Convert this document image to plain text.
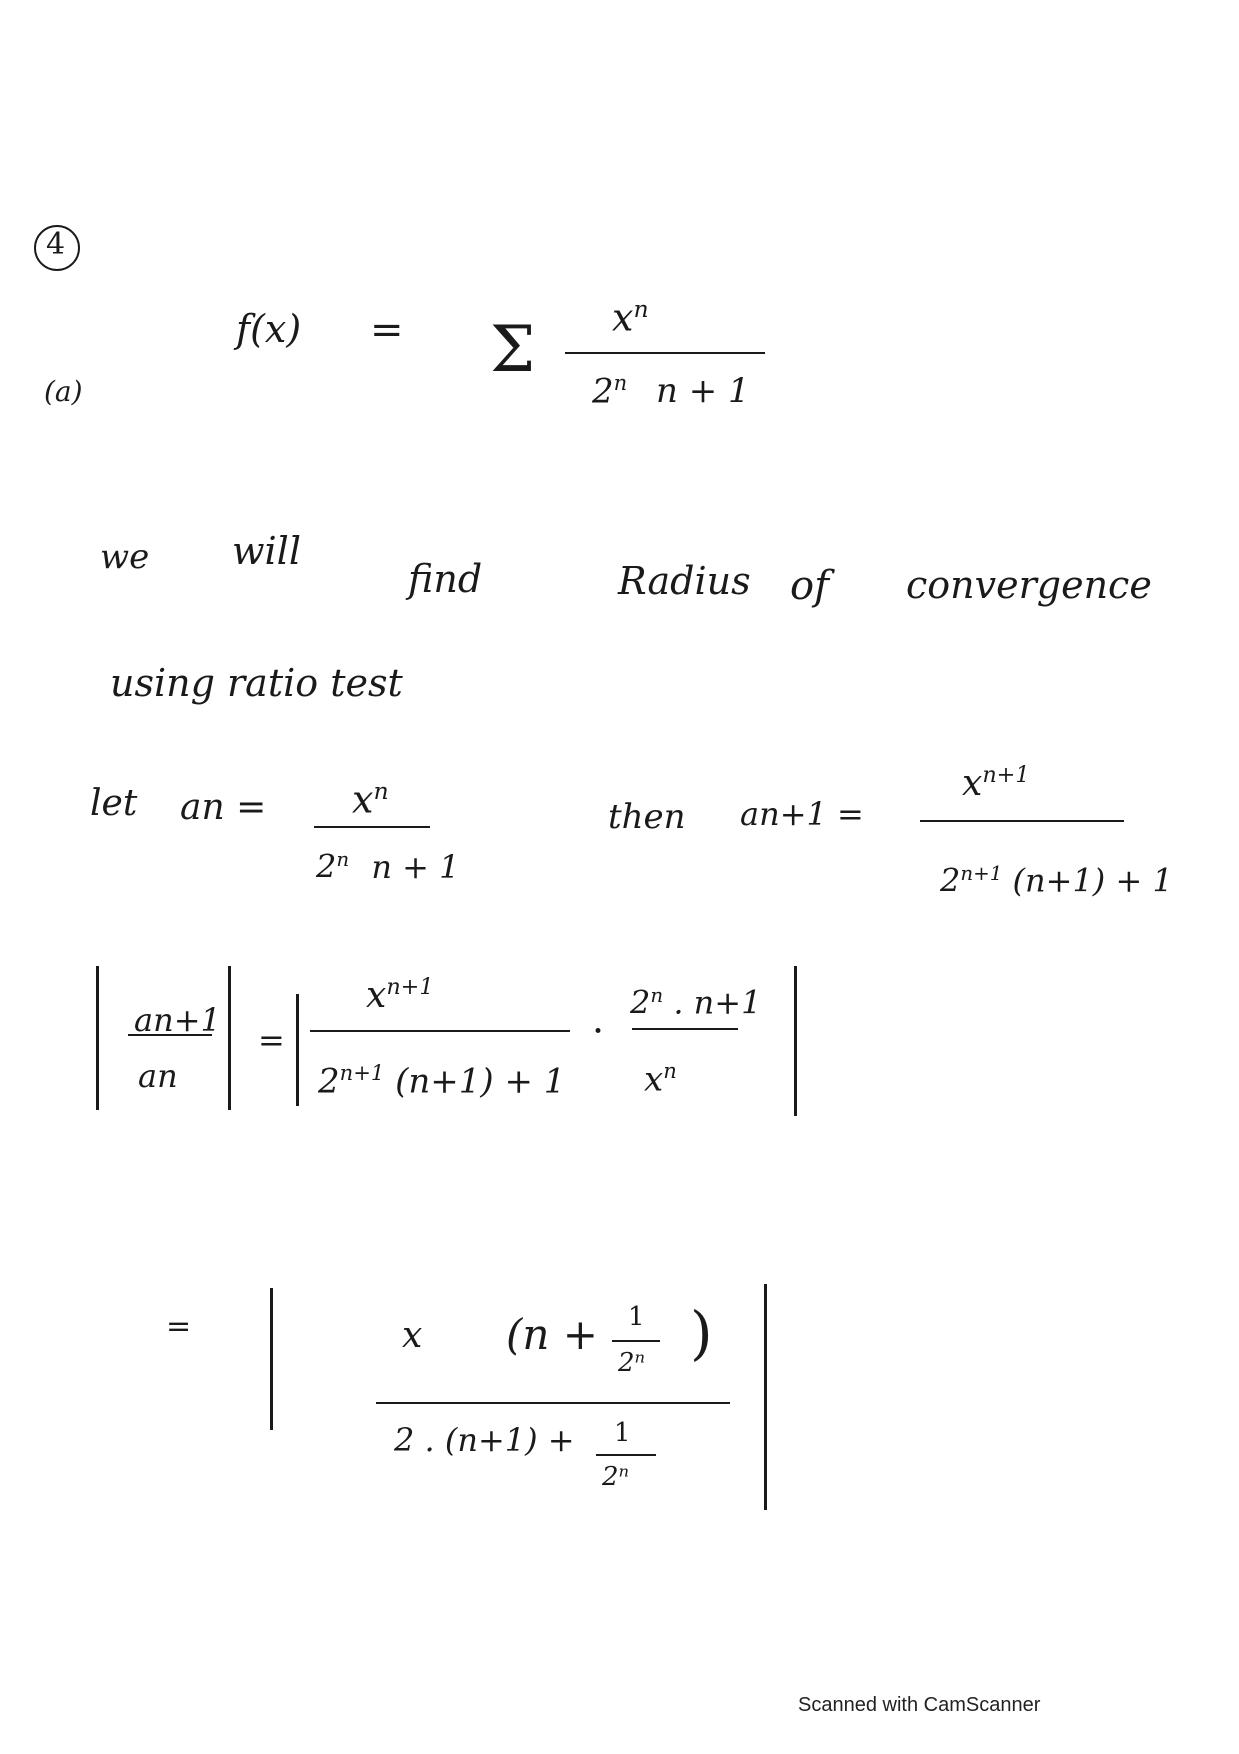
4
(a)
f(x) = Σ $x^n$
2$^n$ n + 1
we will
find	Radius of convergence
using ratio test
let an = $x^n$
2$^n$ n + 1
then an+1 =
$x^{n+1}$
$2^{n+1}$ (n+1) + 1
an+1
an
=
$x^{n+1}$
$2^{n+1}$ (n+1) + 1
·
$2^n$ . n+1
$x^n$
=	x (n + 1
2ⁿ )
2 . (n+1) + 1
2ⁿ
Scanned with CamScanner
